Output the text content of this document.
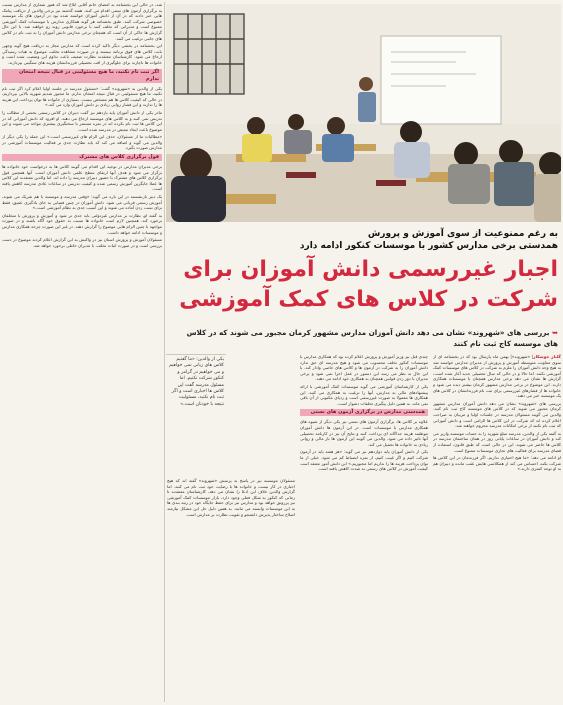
شد، در حالی این بخشنامه به امضای خانم آقایی ابلاغ شد که هنوز شماری از مدارس نسبت به برگزاری آزمون های تستی اقدام می کنند. هفته گذشته نیز برخی والدین از دریافت پیامک هایی خبر دادند که در آن از دانش آموزان خواسته شده بود در آزمون های یک موسسه خصوصی شرکت کنند. طبق بخشنامه هر گونه همکاری مدارس با موسسات کمک آموزشی ممنوع است و مدیرانی که تخلف کنند با برخورد قانونی روبه رو خواهند شد. با این حال گزارش ها حاکی از آن است که همچنان برخی مدارس دانش آموزان را به ثبت نام در کلاس های جانبی ترغیب می کنند.

این بخشنامه در بخشی دیگر تاکید کرده است که مدارس مجاز به دریافت هیچ گونه وجهی بابت کلاس های فوق برنامه نیستند و در صورت مشاهده تخلف، موضوع به هیات رسیدگی ارجاع می شود. کارشناسان معتقدند نظارت ضعیف باعث تداوم این وضعیت شده است و خانواده ها ناچارند برای جلوگیری از افت تحصیلی فرزندانشان هزینه های سنگینی بپردازند.

اگر ثبت نام نکنید، ما هیچ مسئولیتی در قبال نتیجه امتحان ندارم

یکی از والدین به «شهروند» گفت: «مسئول مدرسه در جلسه اولیا اعلام کرد اگر ثبت نام نکنید، ما هیچ مسئولیتی در قبال نتیجه امتحان ندارم. ما مجبور شدیم شهریه بالایی بپردازیم، در حالی که کیفیت کلاس ها هم مشخص نیست. بسیاری از خانواده ها توان پرداخت این هزینه ها را ندارند و این فشار روانی زیادی بر دانش آموزان وارد می کند.»

مادر یکی از دانش آموزان پایه یازدهم نیز گفت دبیران در کلاس رسمی بخشی از مطالب را تدریس نمی کنند و به کلاس های موسسه ارجاع می دهند. او افزود که دانش آموزانی که در این کلاس ها ثبت نام نکرده اند در نمره مستمر با سختگیری بیشتری مواجه می شوند و این موضوع باعث ایجاد تبعیض در مدرسه شده است.

«مطالبات ما از مسئولان، حذف این الزام های غیررسمی است.» این جمله را یکی دیگر از والدین می گوید و اضافه می کند که باید نظارت جدی بر فعالیت موسسات آموزشی در مدارس صورت بگیرد.

قول برگزاری کلاس های مشترک

برخی مدیران مدارس در توجیه این اقدام می گویند کلاس ها به درخواست خود خانواده ها برگزار می شود و هدف آنها ارتقای سطح علمی دانش آموزان است. آنها همچنین قول برگزاری کلاس های مشترک با حضور دبیران مدرسه را داده اند. اما والدین معتقدند این کلاس ها عملا جایگزین آموزش رسمی شده و کیفیت تدریس در ساعات عادی مدرسه کاهش یافته است.

یک دبیر بازنشسته در این باره می گوید: «وقتی مدرسه و موسسه با هم شریک می شوند، آموزش رسمی قربانی می شود. دانش آموزان در چنین فضایی به جای یادگیری عمیق، فقط برای تست زدن آماده می شوند و این آسیب جدی به نظام آموزشی است.»

به گفته او، نظارت بر مدارس غیردولتی باید جدی تر شود و آموزش و پرورش با متخلفان برخورد کند. همچنین لازم است خانواده ها نسبت به حقوق خود آگاه باشند و در صورت مواجهه با چنین الزام هایی موضوع را گزارش دهند. در غیر این صورت چرخه همکاری مدارس و موسسات ادامه خواهد داشت.

مسئولان آموزش و پرورش استان نیز در واکنش به این گزارش اعلام کردند موضوع در دست بررسی است و در صورت اثبات تخلف، با مدیران خاطی برخورد خواهد شد.

به رغم ممنوعیت از سوی آموزش و پرورش
همدستی برخی مدارس کشور با موسسات کنکور ادامه دارد
اجبار غیررسمی دانش آموزان برای
شرکت در کلاس های کمک آموزشی
➥ بررسی های «شهروند» نشان می دهد دانش آموزان مدارس مشهور کرمان مجبور می شوند که در کلاس های موسسه کاج ثبت نام کنند

گلناز خوشکار| «شهروند»| بهمن ماه پارسال بود که در بخشنامه ای از سوی معاونت متوسطه آموزش و پرورش از مدیران مدارس خواسته شد به هیچ وجه دانش آموزان را ملزم به شرکت در کلاس های موسسات کمک آموزشی نکنند. اما حالا و در حالی که سال تحصیلی جدید آغاز شده است، گزارش ها نشان می دهد برخی مدارس همچنان با موسسات همکاری دارند. این موضوع در برخی مدارس مشهور کرمان بیشتر دیده می شود و خانواده ها از فشارهای غیررسمی برای ثبت نام فرزندانشان در کلاس های یک موسسه خبر می دهند.

بررسی های «شهروند» نشان می دهد دانش آموزان مدارس مشهور کرمان مجبور می شوند که در کلاس های موسسه کاج ثبت نام کنند. والدین می گویند مسئولان مدرسه در جلسات اولیا و مربیان به صراحت اعلام کرده اند که شرکت در این کلاس ها الزامی است و دانش آموزانی که ثبت نام نکنند از برخی امکانات مدرسه محروم خواهند شد.

به گفته یکی از والدین، مدرسه مبلغ شهریه را به حساب موسسه واریز می کند و دانش آموزان در ساعات پایانی روز در همان ساختمان مدرسه در کلاس ها حاضر می شوند. این در حالی است که طبق قانون، استفاده از فضای مدرسه برای فعالیت های تجاری موسسات ممنوع است.

او ادامه می دهد: «ما هیچ اختیاری نداریم. اگر فرزندمان در این کلاس ها شرکت نکند، احساس می کند از همکلاسی هایش عقب مانده و دبیران هم به او توجه کمتری دارند.»

چندی قبل نیز وزیر آموزش و پرورش اعلام کرده بود که همکاری مدارس با موسسات کنکور تخلف محسوب می شود و هیچ مدرسه ای حق ندارد دانش آموزان را به شرکت در آزمون ها و کلاس های خاصی وادار کند. با این حال به نظر می رسد این دستور در عمل اجرا نمی شود و برخی مدیران با دور زدن قوانین همچنان به همکاری خود ادامه می دهند.

یکی از کارشناسان آموزشی می گوید موسسات کمک آموزشی با ارائه پیشنهادهای مالی به مدارس، آنها را ترغیب به همکاری می کنند. این همکاری ها معمولا به صورت غیررسمی است و ردپای مکتوبی از آن باقی نمی ماند، به همین دلیل پیگیری تخلفات دشوار است.

همدستی مدارس در برگزاری آزمون های تستی

علاوه بر کلاس ها، برگزاری آزمون های تستی نیز یکی دیگر از شیوه های همکاری مدارس با موسسات است. در این آزمون ها دانش آموزان موظفند هزینه جداگانه ای پرداخت کنند و نتایج آن نیز در کارنامه تحصیلی آنها تاثیر داده می شود. والدین می گویند این آزمون ها بار مالی و روانی زیادی به خانواده ها تحمیل می کند.

یکی از دانش آموزان پایه دوازدهم نیز می گوید: «هر هفته باید در آزمون شرکت کنیم و اگر غیبت کنیم، از نمره انضباط کم می شود. خیلی از ما توان پرداخت هزینه ها را نداریم اما مجبوریم.» این دانش آموز معتقد است کیفیت آموزش در کلاس های رسمی به شدت کاهش یافته است.

مسئولان موسسه نیز در پاسخ به پرسش «شهروند» گفته اند که هیچ اجباری در کار نیست و خانواده ها با رضایت خود ثبت نام می کنند. اما گزارش والدین خلاف این ادعا را نشان می دهد. کارشناسان معتقدند تا زمانی که کنکور به شکل فعلی وجود دارد، بازار موسسات کمک آموزشی نیز پررونق خواهد بود و مدارس نیز برای حفظ جایگاه خود در رتبه بندی ها به این موسسات وابسته می مانند. به همین دلیل حل این مشکل نیازمند اصلاح ساختار پذیرش دانشجو و تقویت نظارت بر مدارس است.

یکی از والدین: «ما گفتیم کلاس های زبانی نمی خواهیم و می خواهیم در گرامر و کنکور شرکت نکنیم. اما مسئول مدرسه گفت این کلاس ها اجباری است و اگر ثبت نام نکنید، مسئولیت نتیجه با خودتان است.»
